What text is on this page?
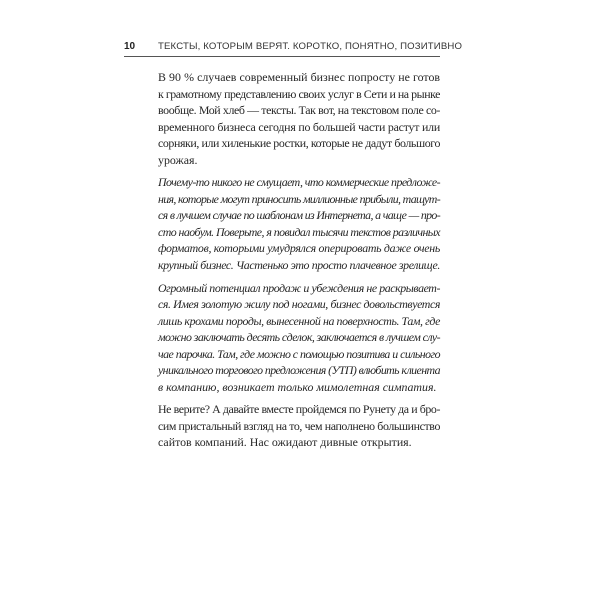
10 ТЕКСТЫ, КОТОРЫМ ВЕРЯТ. КОРОТКО, ПОНЯТНО, ПОЗИТИВНО

В 90 % случаев современный бизнес попросту не готов
к грамотному представлению своих услуг в Сети и на рынке
вообще. Мой хлеб — тексты. Так вот, на текстовом поле со-
временного бизнеса сегодня по большей части растут или
сорняки, или хиленькие ростки, которые не дадут большого
урожая.

Почему-то никого не смущает, что коммерческие предложе-
ния, которые могут приносить миллионные прибыли, тащут-
ся в лучшем случае по шаблонам из Интернета, а чаще — про-
сто наобум. Поверьте, я повидал тысячи текстов различных
форматов, которыми умудрялся оперировать даже очень
крупный бизнес. Частенько это просто плачевное зрелище.

Огромный потенциал продаж и убеждения не раскрывает-
ся. Имея золотую жилу под ногами, бизнес довольствуется
лишь крохами породы, вынесенной на поверхность. Там, где
можно заключать десять сделок, заключается в лучшем слу-
чае парочка. Там, где можно с помощью позитива и сильного
уникального торгового предложения (УТП) влюбить клиента
в компанию, возникает только мимолетная симпатия.

Не верите? А давайте вместе пройдемся по Рунету да и бро-
сим пристальный взгляд на то, чем наполнено большинство
сайтов компаний. Нас ожидают дивные открытия.
